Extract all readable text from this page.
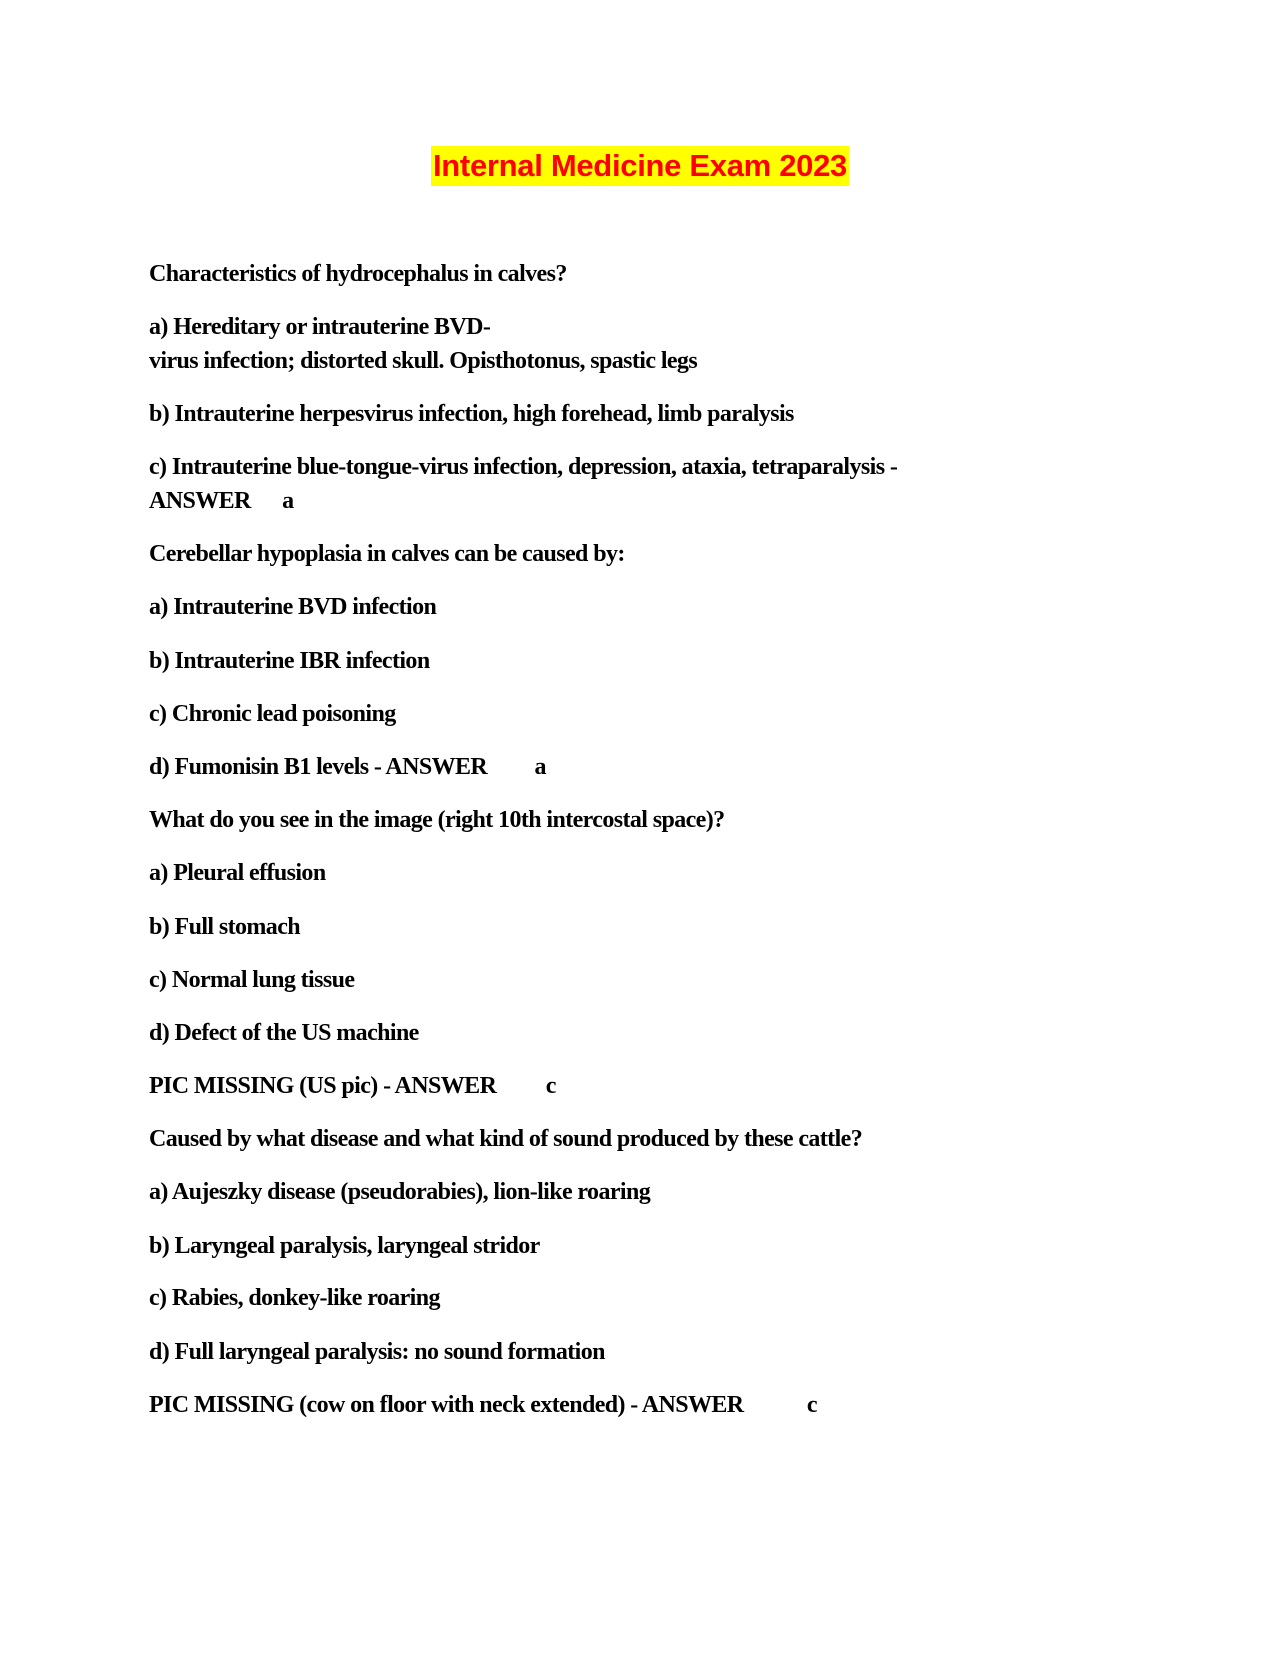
Internal Medicine Exam 2023
Characteristics of hydrocephalus in calves?
a) Hereditary or intrauterine BVD-
virus infection; distorted skull. Opisthotonus, spastic legs
b) Intrauterine herpesvirus infection, high forehead, limb paralysis
c) Intrauterine blue-tongue-virus infection, depression, ataxia, tetraparalysis -
ANSWER a
Cerebellar hypoplasia in calves can be caused by:
a) Intrauterine BVD infection
b) Intrauterine IBR infection
c) Chronic lead poisoning
d) Fumonisin B1 levels - ANSWER a
What do you see in the image (right 10th intercostal space)?
a) Pleural effusion
b) Full stomach
c) Normal lung tissue
d) Defect of the US machine
PIC MISSING (US pic) - ANSWER c
Caused by what disease and what kind of sound produced by these cattle?
a) Aujeszky disease (pseudorabies), lion-like roaring
b) Laryngeal paralysis, laryngeal stridor
c) Rabies, donkey-like roaring
d) Full laryngeal paralysis: no sound formation
PIC MISSING (cow on floor with neck extended) - ANSWER	c
